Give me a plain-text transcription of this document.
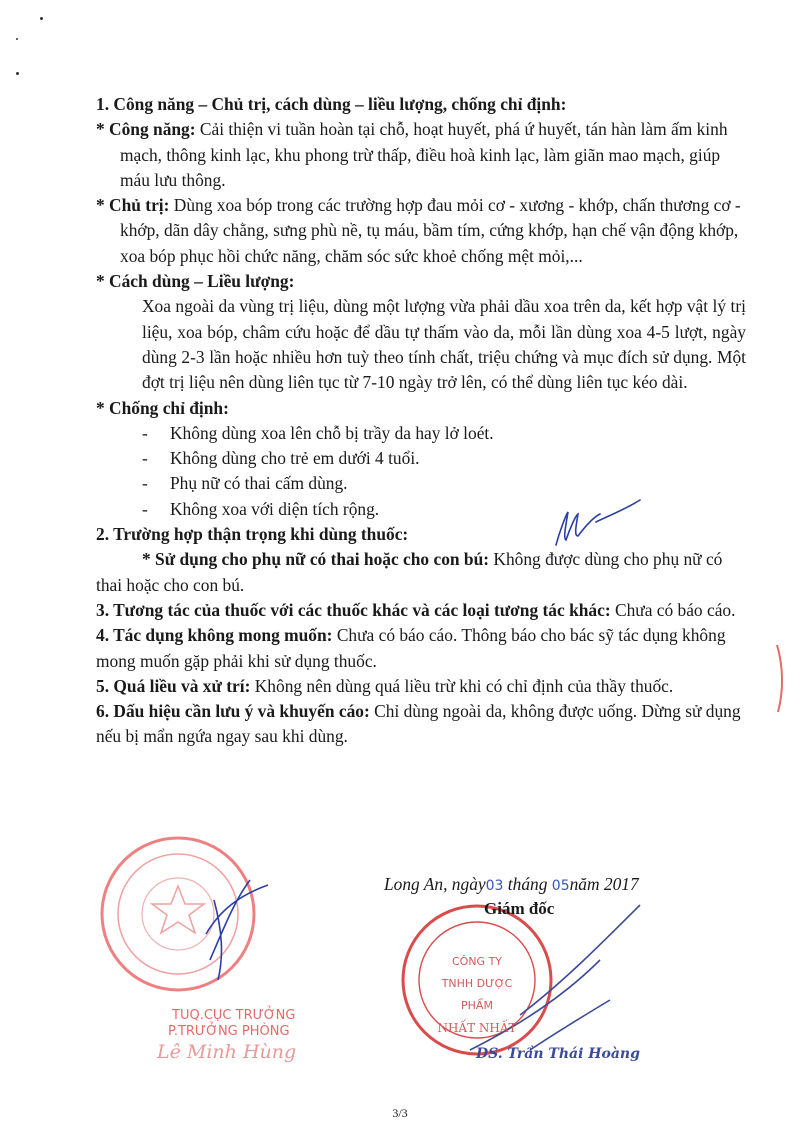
1. Công năng – Chủ trị, cách dùng – liều lượng, chống chỉ định:

* Công năng: Cải thiện vi tuần hoàn tại chỗ, hoạt huyết, phá ứ huyết, tán hàn làm ấm kinh mạch, thông kinh lạc, khu phong trừ thấp, điều hoà kinh lạc, làm giãn mao mạch, giúp máu lưu thông.

* Chủ trị: Dùng xoa bóp trong các trường hợp đau mỏi cơ - xương - khớp, chấn thương cơ - khớp, dãn dây chằng, sưng phù nề, tụ máu, bầm tím, cứng khớp, hạn chế vận động khớp, xoa bóp phục hồi chức năng, chăm sóc sức khoẻ chống mệt mỏi,...

* Cách dùng – Liều lượng:

Xoa ngoài da vùng trị liệu, dùng một lượng vừa phải dầu xoa trên da, kết hợp vật lý trị liệu, xoa bóp, châm cứu hoặc để dầu tự thấm vào da, mỗi lần dùng xoa 4-5 lượt, ngày dùng 2-3 lần hoặc nhiều hơn tuỳ theo tính chất, triệu chứng và mục đích sử dụng. Một đợt trị liệu nên dùng liên tục từ 7-10 ngày trở lên, có thể dùng liên tục kéo dài.

* Chống chỉ định:

- Không dùng xoa lên chỗ bị trầy da hay lở loét.

- Không dùng cho trẻ em dưới 4 tuổi.

- Phụ nữ có thai cấm dùng.

- Không xoa với diện tích rộng.

2. Trường hợp thận trọng khi dùng thuốc:

* Sử dụng cho phụ nữ có thai hoặc cho con bú: Không được dùng cho phụ nữ có thai hoặc cho con bú.

3. Tương tác của thuốc với các thuốc khác và các loại tương tác khác: Chưa có báo cáo.

4. Tác dụng không mong muốn: Chưa có báo cáo. Thông báo cho bác sỹ tác dụng không mong muốn gặp phải khi sử dụng thuốc.

5. Quá liều và xử trí: Không nên dùng quá liều trừ khi có chỉ định của thầy thuốc.

6. Dấu hiệu cần lưu ý và khuyến cáo: Chỉ dùng ngoài da, không được uống. Dừng sử dụng nếu bị mẩn ngứa ngay sau khi dùng.

Long An, ngày03 tháng 05năm 2017
Giám đốc
TUQ.CỤC TRƯỞNG
P.TRƯỞNG PHÒNG
Lê Minh Hùng
CÔNG TY
TNHH DƯỢC PHẨM
NHẤT NHẤT
DS. Trần Thái Hoàng
3/3
